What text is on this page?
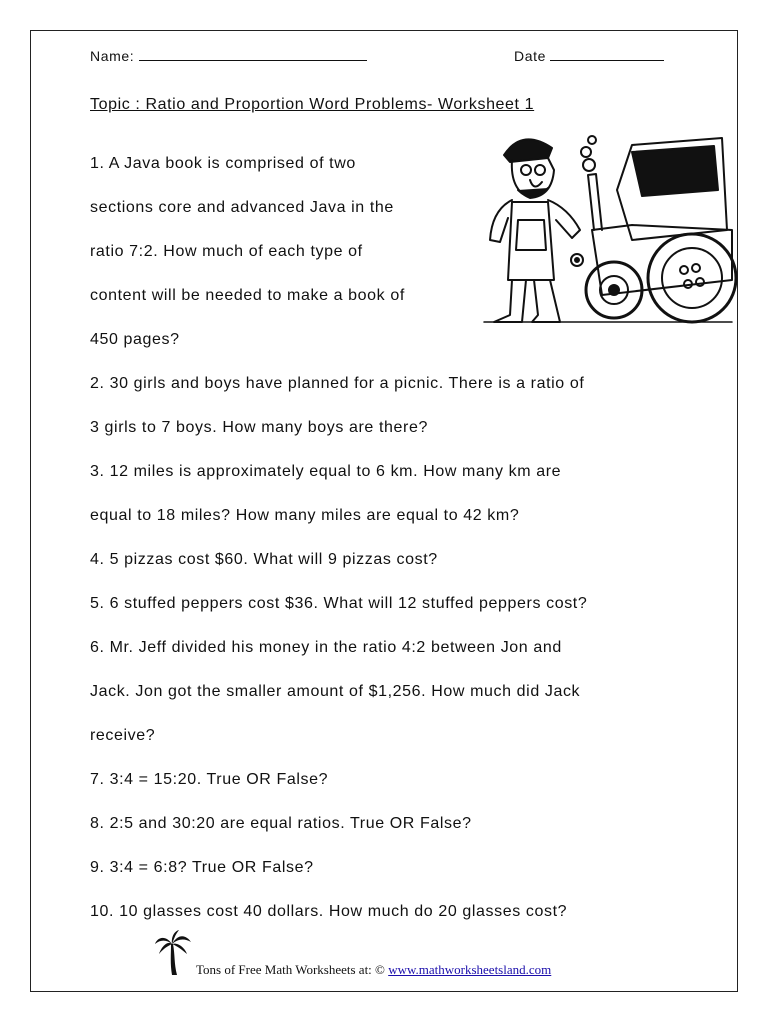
Name:	Date
Topic : Ratio and Proportion Word Problems- Worksheet 1
1. A Java book is comprised of two
sections core and advanced Java in the
ratio 7:2. How much of each type of
content will be needed to make a book of
450 pages?
2. 30 girls and boys have planned for a picnic. There is a ratio of
3 girls to 7 boys. How many boys are there?
3. 12 miles is approximately equal to 6 km. How many km are
equal to 18 miles? How many miles are equal to 42 km?
4. 5 pizzas cost $60. What will 9 pizzas cost?
5. 6 stuffed peppers cost $36. What will 12 stuffed peppers cost?
6. Mr. Jeff divided his money in the ratio 4:2 between Jon and
Jack. Jon got the smaller amount of $1,256. How much did Jack
receive?
7. 3:4 = 15:20. True OR False?
8. 2:5 and 30:20 are equal ratios. True OR False?
9. 3:4 = 6:8? True OR False?
10. 10 glasses cost 40 dollars. How much do 20 glasses cost?
Tons of Free Math Worksheets at: © www.mathworksheetsland.com
